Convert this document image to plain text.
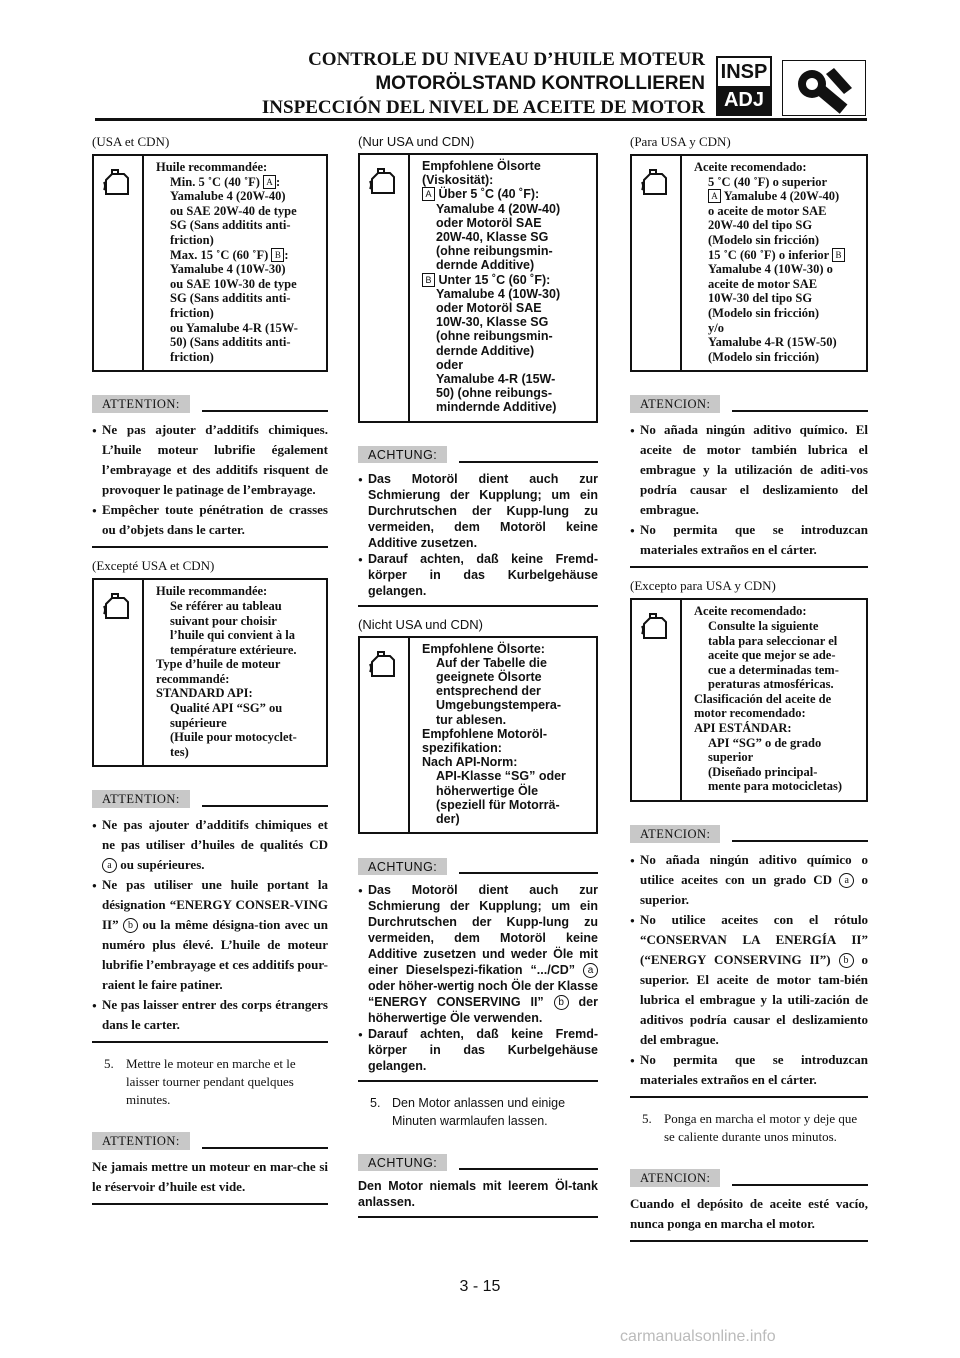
CONTROLE DU NIVEAU D’HUILE MOTEUR
MOTORÖLSTAND KONTROLLIEREN
INSPECCIÓN DEL NIVEL DE ACEITE DE MOTOR
INSP
ADJ
(USA et CDN)
Huile recommandée:
Min. 5 ˚C (40 ˚F) A :
Yamalube 4 (20W-40)
ou SAE 20W-40 de type
SG (Sans additits anti-
friction)
Max. 15 ˚C (60 ˚F) B :
Yamalube 4 (10W-30)
ou SAE 10W-30 de type
SG (Sans additits anti-
friction)
ou Yamalube 4-R (15W-
50) (Sans additits anti-
friction)
ATTENTION:
● Ne pas ajouter d’additifs chimiques. L’huile moteur lubrifie également l’embrayage et des additifs risquent de provoquer le patinage de l’embrayage.
● Empêcher toute pénétration de crasses ou d’objets dans le carter.
(Excepté USA et CDN)
Huile recommandée:
Se référer au tableau
suivant pour choisir
l’huile qui convient à la
température extérieure.
Type d’huile de moteur
recommandé:
STANDARD API:
Qualité API “SG” ou
supérieure
(Huile pour motocyclet-
tes)
ATTENTION:
● Ne pas ajouter d’additifs chimiques et ne pas utiliser d’huiles de qualités CD a ou supérieures.
● Ne pas utiliser une huile portant la désignation “ENERGY CONSER-VING II” b ou la même désigna-tion avec un numéro plus élevé. L’huile de moteur lubrifie l’embrayage et ces additifs pour-raient le faire patiner.
● Ne pas laisser entrer des corps étrangers dans le carter.
5. Mettre le moteur en marche et le laisser tourner pendant quelques minutes.
ATTENTION:
Ne jamais mettre un moteur en mar-che si le réservoir d’huile est vide.
(Nur USA und CDN)
Empfohlene Ölsorte
(Viskosität):
A Über 5 ˚C (40 ˚F):
Yamalube 4 (20W-40)
oder Motoröl SAE
20W-40, Klasse SG
(ohne reibungsmin-
dernde Additive)
B Unter 15 ˚C (60 ˚F):
Yamalube 4 (10W-30)
oder Motoröl SAE
10W-30, Klasse SG
(ohne reibungsmin-
dernde Additive)
oder
Yamalube 4-R (15W-
50) (ohne reibungs-
mindernde Additive)
ACHTUNG:
● Das Motoröl dient auch zur Schmierung der Kupplung; um ein Durchrutschen der Kupp-lung zu vermeiden, dem Motoröl keine Additive zusetzen.
● Darauf achten, daß keine Fremd-körper in das Kurbelgehäuse gelangen.
(Nicht USA und CDN)
Empfohlene Ölsorte:
Auf der Tabelle die
geeignete Ölsorte
entsprechend der
Umgebungstempera-
tur ablesen.
Empfohlene Motoröl-
spezifikation:
Nach API-Norm:
API-Klasse “SG” oder
höherwertige Öle
(speziell für Motorrä-
der)
ACHTUNG:
● Das Motoröl dient auch zur Schmierung der Kupplung; um ein Durchrutschen der Kupp-lung zu vermeiden, dem Motoröl keine Additive zusetzen und weder Öle mit einer Dieselspezi-fikation “.../CD” a oder höher-wertig noch Öle der Klasse “ENERGY CONSERVING II” b der höherwertige Öle verwenden.
● Darauf achten, daß keine Fremd-körper in das Kurbelgehäuse gelangen.
5. Den Motor anlassen und einige Minuten warmlaufen lassen.
ACHTUNG:
Den Motor niemals mit leerem Öl-tank anlassen.
(Para USA y CDN)
Aceite recomendado:
5 ˚C (40 ˚F) o superior
A Yamalube 4 (20W-40)
o aceite de motor SAE
20W-40 del tipo SG
(Modelo sin fricción)
15 ˚C (60 ˚F) o inferior B
Yamalube 4 (10W-30) o
aceite de motor SAE
10W-30 del tipo SG
(Modelo sin fricción)
y/o
Yamalube 4-R (15W-50)
(Modelo sin fricción)
ATENCION:
● No añada ningún aditivo químico. El aceite de motor también lubrica el embrague y la utilización de aditi-vos podría causar el deslizamiento del embrague.
● No permita que se introduzcan materiales extraños en el cárter.
(Excepto para USA y CDN)
Aceite recomendado:
Consulte la siguiente
tabla para seleccionar el
aceite que mejor se ade-
cue a determinadas tem-
peraturas atmosféricas.
Clasificación del aceite de
motor recomendado:
API ESTÁNDAR:
API “SG” o de grado
superior
(Diseñado principal-
mente para motocicletas)
ATENCION:
● No añada ningún aditivo químico o utilice aceites con un grado CD a o superior.
● No utilice aceites con el rótulo “CONSERVAN LA ENERGÍA II” (“ENERGY CONSERVING II”) b o superior. El aceite de motor tam-bién lubrica el embrague y la utili-zación de aditivos podría causar el deslizamiento del embrague.
● No permita que se introduzcan materiales extraños en el cárter.
5. Ponga en marcha el motor y deje que se caliente durante unos minutos.
ATENCION:
Cuando el depósito de aceite esté vacío, nunca ponga en marcha el motor.
3 - 15
carmanualsonline.info
